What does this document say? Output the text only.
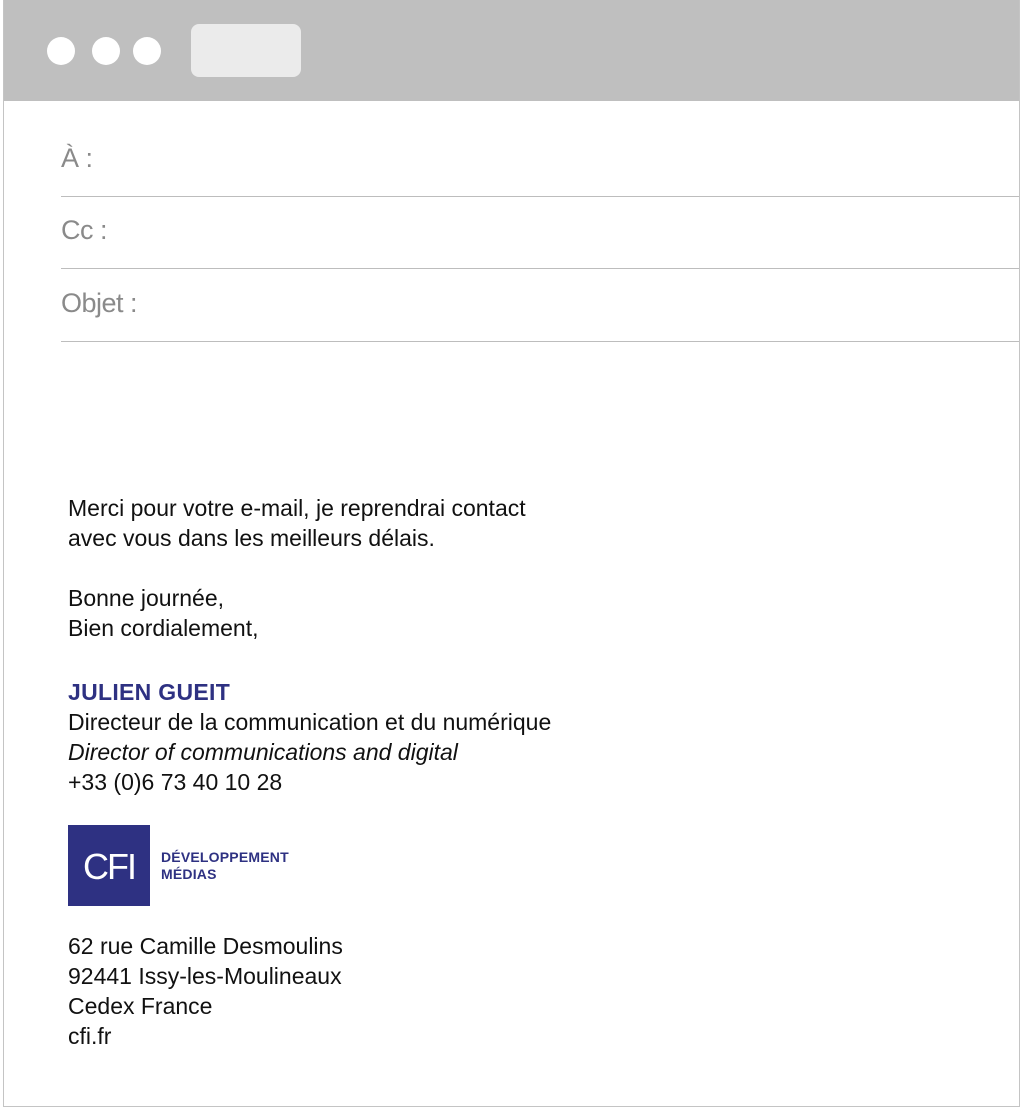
À :
Cc :
Objet :
Merci pour votre e-mail, je reprendrai contact
avec vous dans les meilleurs délais.
Bonne journée,
Bien cordialement,
JULIEN GUEIT
Directeur de la communication et du numérique
Director of communications and digital
+33 (0)6 73 40 10 28
CFI	DÉVELOPPEMENT
MÉDIAS
62 rue Camille Desmoulins
92441 Issy-les-Moulineaux
Cedex France
cfi.fr
